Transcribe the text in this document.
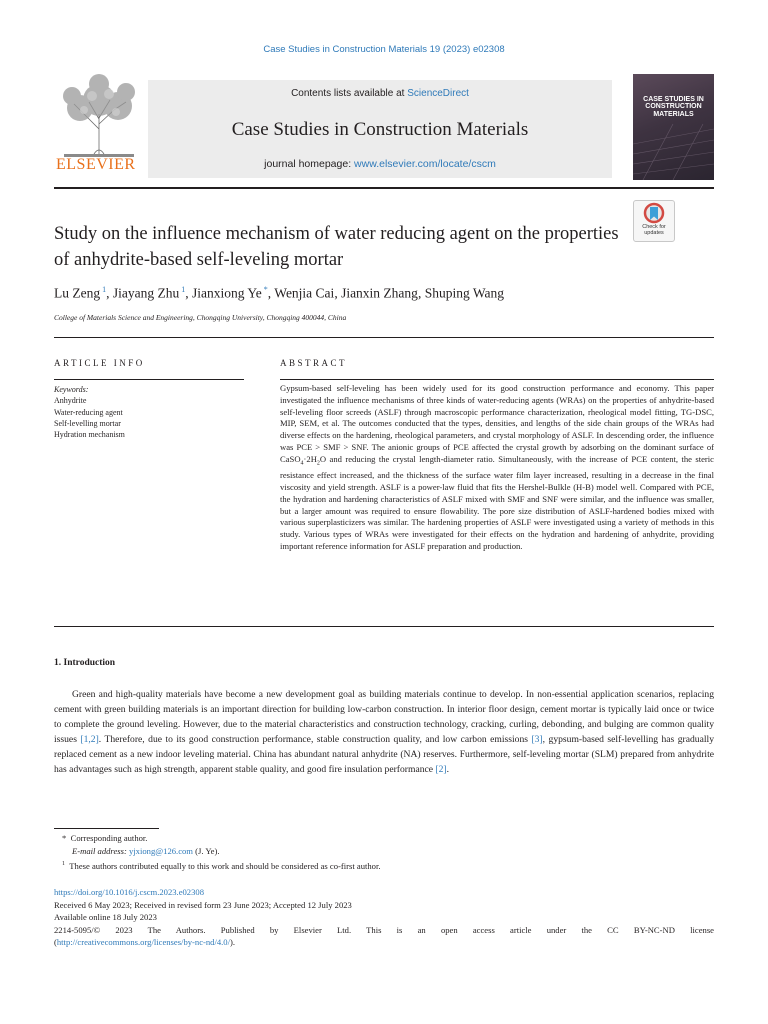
Case Studies in Construction Materials 19 (2023) e02308
ELSEVIER
Contents lists available at ScienceDirect
Case Studies in Construction Materials
journal homepage: www.elsevier.com/locate/cscm
CASE STUDIES IN CONSTRUCTION MATERIALS
Check for
updates
Study on the influence mechanism of water reducing agent on the properties of anhydrite-based self-leveling mortar
Lu Zeng $^1$, Jiayang Zhu $^1$, Jianxiong Ye *, Wenjia Cai, Jianxin Zhang, Shuping Wang
College of Materials Science and Engineering, Chongqing University, Chongqing 400044, China
ARTICLE INFO	ABSTRACT
Keywords:
Anhydrite
Water-reducing agent
Self-levelling mortar
Hydration mechanism
Gypsum-based self-leveling has been widely used for its good construction performance and economy. This paper investigated the influence mechanisms of three kinds of water-reducing agents (WRAs) on the properties of anhydrite-based self-leveling floor screeds (ASLF) through macroscopic performance characterization, rheological model fitting, TG-DSC, MIP, SEM, et al. The outcomes conducted that the types, densities, and lengths of the side chain groups of the WRAs had diverse effects on the hardening, rheological parameters, and crystal morphology of ASLF. In descending order, the influence was PCE > SMF > SNF. The anionic groups of PCE affected the crystal growth by adsorbing on the dominant surface of $CaSO_4\cdot 2H_2O$ and reducing the crystal length-diameter ratio. Simultaneously, with the increase of PCE content, the steric resistance effect increased, and the thickness of the surface water film layer increased, resulting in a decrease in the final viscosity and yield strength. ASLF is a power-law fluid that fits the Hershel-Bulkle (H-B) model well. Compared with PCE, the hydration and hardening characteristics of ASLF mixed with SMF and SNF were similar, and the influence was smaller, but a larger amount was required to ensure flowability. The pore size distribution of ASLF-hardened bodies mixed with various superplasticizers was similar. The hardening properties of ASLF were investigated using a variety of methods in this study. Various types of WRAs were investigated for their effects on the hydration and hardening of anhydrite, providing important reference information for ASLF preparation and production.
1. Introduction
Green and high-quality materials have become a new development goal as building materials continue to develop. In non-essential application scenarios, replacing cement with green building materials is an important direction for building low-carbon construction. In interior floor design, cement mortar is typically laid once or twice to complete the ground leveling. However, due to the material characteristics and construction technology, cracking, curling, debonding, and bulging are common quality issues [1,2]. Therefore, due to its good construction performance, stable construction quality, and low carbon emissions [3], gypsum-based self-levelling has gradually replaced cement as a new indoor leveling material. China has abundant natural anhydrite (NA) reserves. Furthermore, self-leveling mortar (SLM) prepared from anhydrite has advantages such as high strength, apparent stable quality, and good fire insulation performance [2].
* Corresponding author.
E-mail address: yjxiong@126.com (J. Ye).
$^1$ These authors contributed equally to this work and should be considered as co-first author.
https://doi.org/10.1016/j.cscm.2023.e02308
Received 6 May 2023; Received in revised form 23 June 2023; Accepted 12 July 2023
Available online 18 July 2023
2214-5095/© 2023 The Authors. Published by Elsevier Ltd. This is an open access article under the CC BY-NC-ND license
(http://creativecommons.org/licenses/by-nc-nd/4.0/).
